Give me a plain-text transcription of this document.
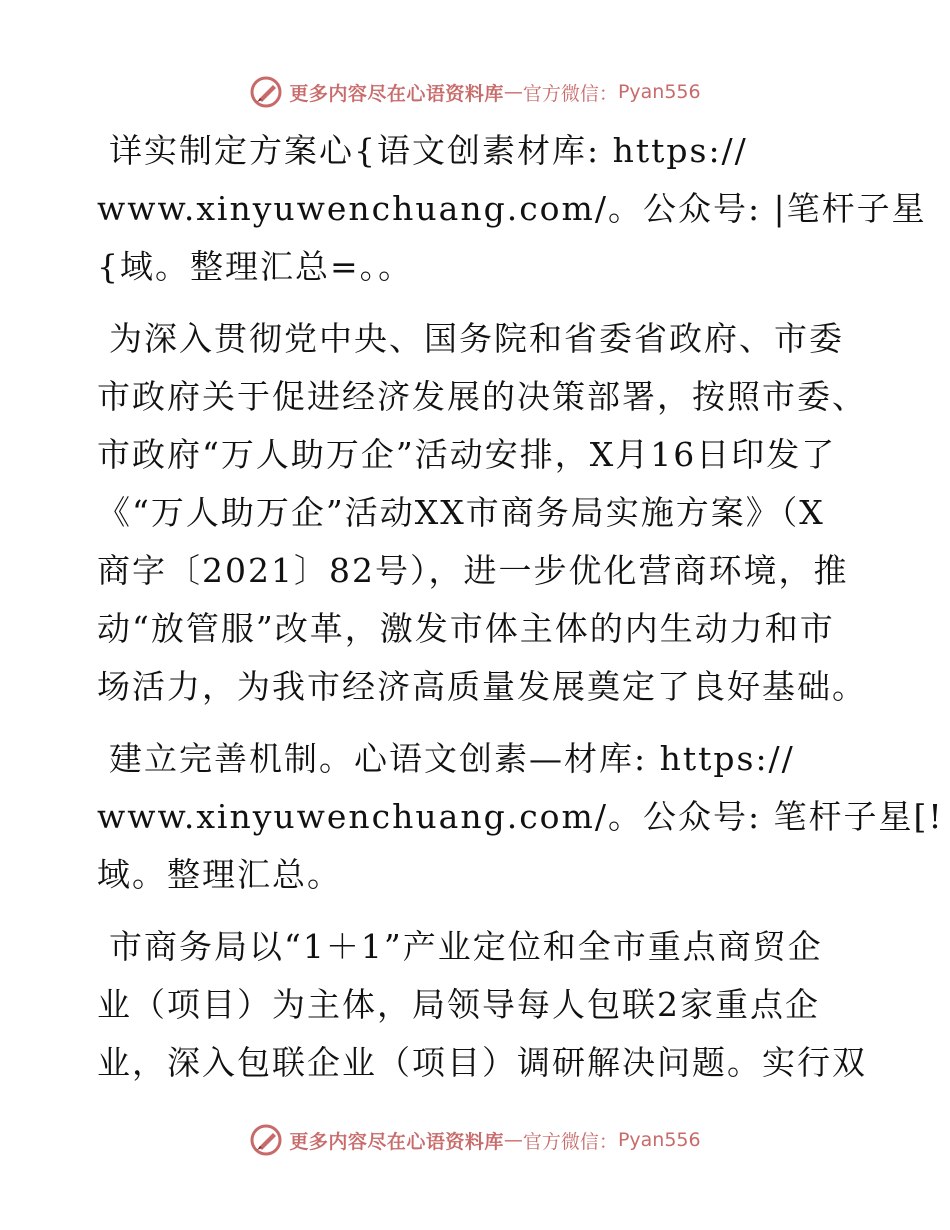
更多内容尽在心语资料库 — 官方微信： Pyan556
详实制定方案心{语文创素材库: https://
www.xinyuwenchuang.com/。公众号: |笔杆子星
{域。整理汇总=。。
为深入贯彻党中央、国务院和省委省政府、市委
市政府关于促进经济发展的决策部署，按照市委、
市政府“万人助万企”活动安排，X月16日印发了
《“万人助万企”活动XX市商务局实施方案》（X
商字〔2021〕82号），进一步优化营商环境，推
动“放管服”改革，激发市体主体的内生动力和市
场活力，为我市经济高质量发展奠定了良好基础。
建立完善机制。心语文创素—材库: https://
www.xinyuwenchuang.com/。公众号: 笔杆子星[!
域。整理汇总。
市商务局以“1＋1”产业定位和全市重点商贸企
业（项目）为主体，局领导每人包联2家重点企
业，深入包联企业（项目）调研解决问题。实行双
更多内容尽在心语资料库 — 官方微信： Pyan556
